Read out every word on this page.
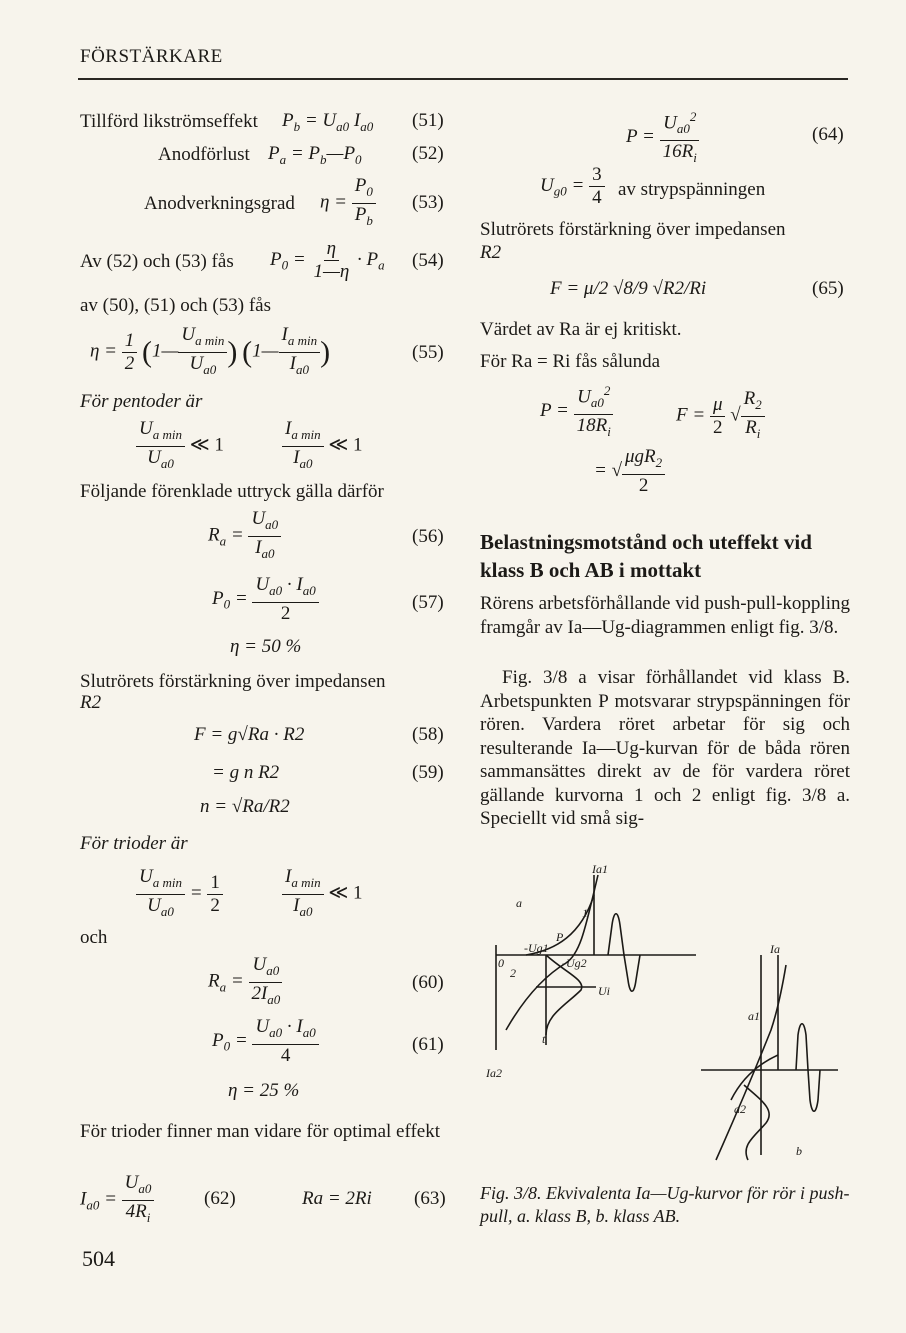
FÖRSTÄRKARE
Tillförd likströmseffekt $P_b = U_{a0}$ $I_{a0}$ (51)
Anodförlust $P_a$ = $P_b—P_0$	(52)
Anodverkningsgrad $\eta = \frac{P_0}{P_b} (53)$
Av (52) och (53) fås $P_0 = \frac{\eta}{1—\eta} \cdot P_a$ (54)
av (50), (51) och (53) fås
$\eta = \frac{1}{2}$ (1— $\frac{U_{a min}}{U_{a0}}$ ) (1— $\frac{I_{a min}}{I_{a0}}$ )	(55)
För pentoder är
$\frac{U_{a min}}{U_{a0}}$ ≪ 1	$\frac{I_{a min}}{I_{a0}}$ ≪ 1
Följande förenklade uttryck gälla därför
$R_a = \frac{U_{a0}}{I_{a0}}$	(56)
$P_0 = \frac{U_{a0} \cdot I_{a0}}{2}$	(57)
η = 50 %
Slutrörets förstärkning över impedansen
R2
F = g√Ra · R2	(58)
= g n R2	(59)
n = √Ra/R2
För trioder är
$\frac{U_{a min}}{U_{a0}} = \frac{1}{2}$	$\frac{I_{a min}}{I_{a0}}$ ≪ 1
och
$R_a = \frac{U_{a0}}{2I_{a0}}$	(60)
$P_0 = \frac{U_{a0} \cdot I_{a0}}{4}$	(61)
η = 25 %
För trioder finner man vidare för optimal effekt
$I_{a0} = \frac{U_{a0}}{4R_i}$	(62)	Ra = 2Ri (63)
504
$P = \frac{U_{a0}^2}{16R_i}$	(64)
$U_{g0} = \frac{3}{4}$ av strypspänningen
Slutrörets förstärkning över impedansen
R2
F = μ/2 √8/9 √R2/Ri	(65)
Värdet av Ra är ej kritiskt.
För Ra = Ri fås sålunda
$P = \frac{U_{a0}^2}{18R_i}$	$F = \frac{\mu}{2}$ √ $\frac{R_2}{R_i}$
= √ $\frac{\mu gR_2}{2}$
Belastningsmotstånd och uteffekt vid klass B och AB i mottakt
Rörens arbetsförhållande vid push-pull-koppling framgår av Ia—Ug-diagrammen enligt fig. 3/8.
Fig. 3/8 a visar förhållandet vid klass B. Arbetspunkten P motsvarar strypspänningen för rören. Vardera röret arbetar för sig och resulterande Ia—Ug-kurvan för de båda rören sammansättes direkt av de för vardera röret gällande kurvorna 1 och 2 enligt fig. 3/8 a. Speciellt vid små sig-
a
Ia1
Ia2
Ui
-Ug1
-Ug2
P
t
1
2
0
b
a1
a2
Ia
Fig. 3/8. Ekvivalenta Ia—Ug-kurvor för rör i push-pull, a. klass B, b. klass AB.
